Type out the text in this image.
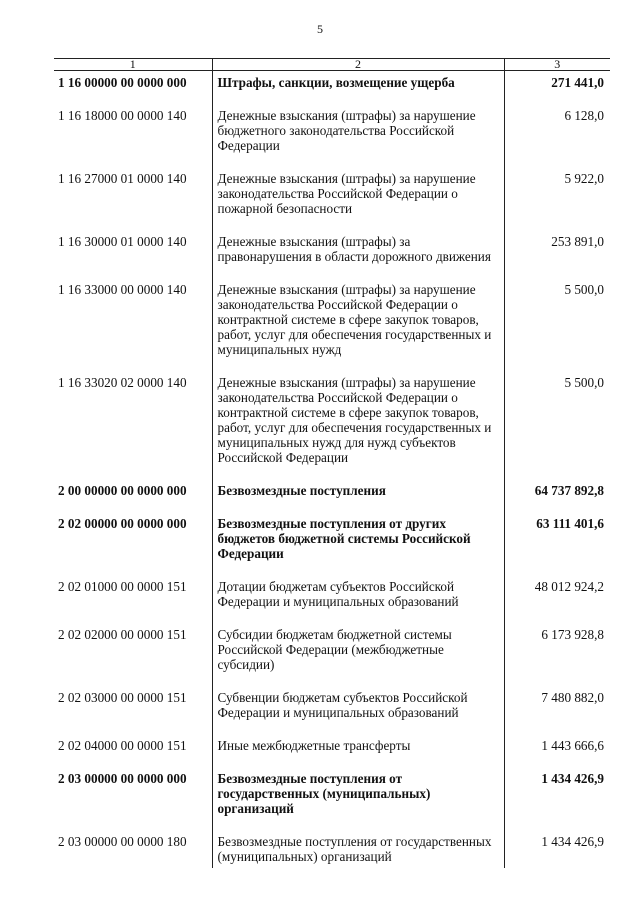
5
1	2	3
1 16 00000 00 0000 000	Штрафы, санкции, возмещение ущерба	271 441,0
1 16 18000 00 0000 140	Денежные взыскания (штрафы) за нарушение бюджетного законодательства Российской Федерации	6 128,0
1 16 27000 01 0000 140	Денежные взыскания (штрафы) за нарушение законодательства Российской Федерации о пожарной безопасности	5 922,0
1 16 30000 01 0000 140	Денежные взыскания (штрафы) за правонарушения в области дорожного движения	253 891,0
1 16 33000 00 0000 140	Денежные взыскания (штрафы) за нарушение законодательства Российской Федерации о контрактной системе в сфере закупок товаров, работ, услуг для обеспечения государственных и муниципальных нужд	5 500,0
1 16 33020 02 0000 140	Денежные взыскания (штрафы) за нарушение законодательства Российской Федерации о контрактной системе в сфере закупок товаров, работ, услуг для обеспечения государственных и муниципальных нужд для нужд субъектов Российской Федерации	5 500,0
2 00 00000 00 0000 000	Безвозмездные поступления	64 737 892,8
2 02 00000 00 0000 000	Безвозмездные поступления от других бюджетов бюджетной системы Российской Федерации	63 111 401,6
2 02 01000 00 0000 151	Дотации бюджетам субъектов Российской Федерации и муниципальных образований	48 012 924,2
2 02 02000 00 0000 151	Субсидии бюджетам бюджетной системы Российской Федерации (межбюджетные субсидии)	6 173 928,8
2 02 03000 00 0000 151	Субвенции бюджетам субъектов Российской Федерации и муниципальных образований	7 480 882,0
2 02 04000 00 0000 151	Иные межбюджетные трансферты	1 443 666,6
2 03 00000 00 0000 000	Безвозмездные поступления от государственных (муниципальных) организаций	1 434 426,9
2 03 00000 00 0000 180	Безвозмездные поступления от государственных (муниципальных) организаций	1 434 426,9
